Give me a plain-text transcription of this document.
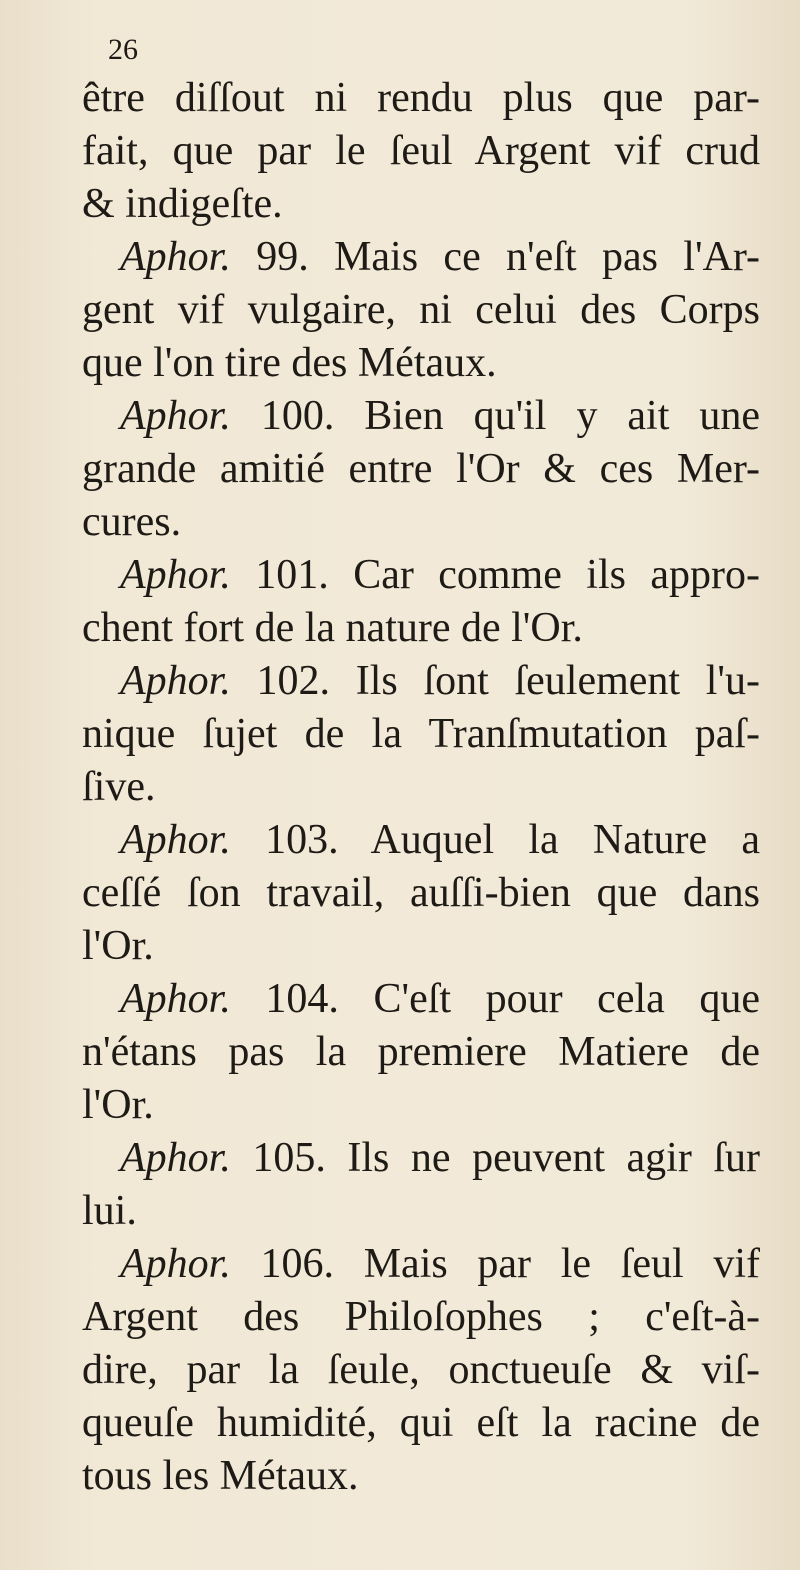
26
être diſſout ni rendu plus que par-
fait, que par le ſeul Argent vif crud
& indigeſte.
Aphor. 99. Mais ce n'eſt pas l'Ar-
gent vif vulgaire, ni celui des Corps
que l'on tire des Métaux.
Aphor. 100. Bien qu'il y ait une
grande amitié entre l'Or & ces Mer-
cures.
Aphor. 101. Car comme ils appro-
chent fort de la nature de l'Or.
Aphor. 102. Ils ſont ſeulement l'u-
nique ſujet de la Tranſmutation paſ-
ſive.
Aphor. 103. Auquel la Nature a
ceſſé ſon travail, auſſi-bien que dans
l'Or.
Aphor. 104. C'eſt pour cela que
n'étans pas la premiere Matiere de
l'Or.
Aphor. 105. Ils ne peuvent agir ſur
lui.
Aphor. 106. Mais par le ſeul vif
Argent des Philoſophes ; c'eſt-à-
dire, par la ſeule, onctueuſe & viſ-
queuſe humidité, qui eſt la racine de
tous les Métaux.
